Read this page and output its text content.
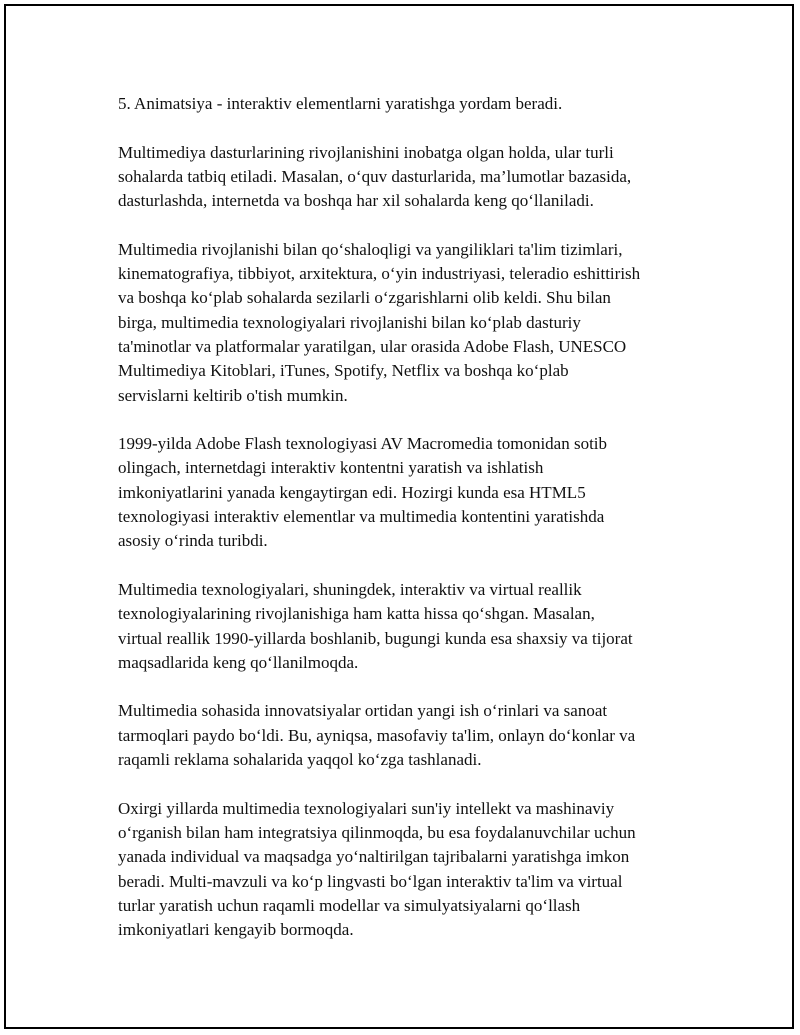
5. Animatsiya - interaktiv elementlarni yaratishga yordam beradi.

Multimediya dasturlarining rivojlanishini inobatga olgan holda, ular turli
sohalarda tatbiq etiladi. Masalan, o‘quv dasturlarida, ma’lumotlar bazasida,
dasturlashda, internetda va boshqa har xil sohalarda keng qo‘llaniladi.

Multimedia rivojlanishi bilan qo‘shaloqligi va yangiliklari ta'lim tizimlari,
kinematografiya, tibbiyot, arxitektura, o‘yin industriyasi, teleradio eshittirish
va boshqa ko‘plab sohalarda sezilarli o‘zgarishlarni olib keldi. Shu bilan
birga, multimedia texnologiyalari rivojlanishi bilan ko‘plab dasturiy
ta'minotlar va platformalar yaratilgan, ular orasida Adobe Flash, UNESCO
Multimediya Kitoblari, iTunes, Spotify, Netflix va boshqa ko‘plab
servislarni keltirib o'tish mumkin.

1999-yilda Adobe Flash texnologiyasi AV Macromedia tomonidan sotib
olingach, internetdagi interaktiv kontentni yaratish va ishlatish
imkoniyatlarini yanada kengaytirgan edi. Hozirgi kunda esa HTML5
texnologiyasi interaktiv elementlar va multimedia kontentini yaratishda
asosiy o‘rinda turibdi.

Multimedia texnologiyalari, shuningdek, interaktiv va virtual reallik
texnologiyalarining rivojlanishiga ham katta hissa qo‘shgan. Masalan,
virtual reallik 1990-yillarda boshlanib, bugungi kunda esa shaxsiy va tijorat
maqsadlarida keng qo‘llanilmoqda.

Multimedia sohasida innovatsiyalar ortidan yangi ish o‘rinlari va sanoat
tarmoqlari paydo bo‘ldi. Bu, ayniqsa, masofaviy ta'lim, onlayn do‘konlar va
raqamli reklama sohalarida yaqqol ko‘zga tashlanadi.

Oxirgi yillarda multimedia texnologiyalari sun'iy intellekt va mashinaviy
o‘rganish bilan ham integratsiya qilinmoqda, bu esa foydalanuvchilar uchun
yanada individual va maqsadga yo‘naltirilgan tajribalarni yaratishga imkon
beradi. Multi-mavzuli va ko‘p lingvasti bo‘lgan interaktiv ta'lim va virtual
turlar yaratish uchun raqamli modellar va simulyatsiyalarni qo‘llash
imkoniyatlari kengayib bormoqda.
